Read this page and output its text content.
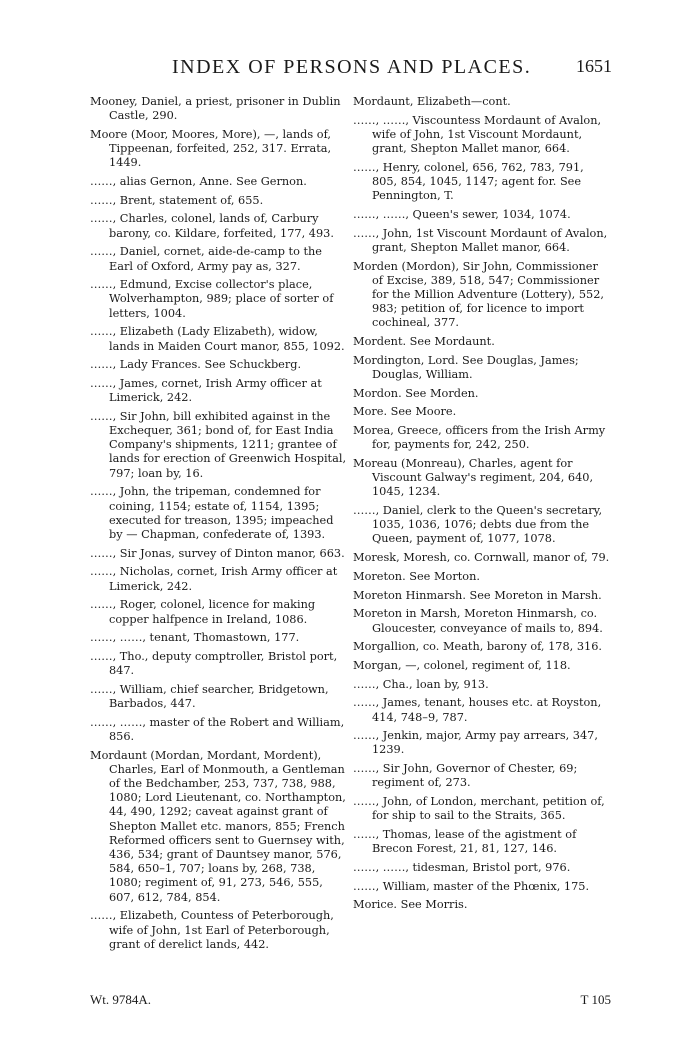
INDEX OF PERSONS AND PLACES. 1651

Mooney, Daniel, a priest, prisoner in Dublin Castle, 290.

Moore (Moor, Moores, More), —, lands of, Tippeenan, forfeited, 252, 317. Errata, 1449.

……, alias Gernon, Anne. See Gernon.

……, Brent, statement of, 655.

……, Charles, colonel, lands of, Carbury barony, co. Kildare, forfeited, 177, 493.

……, Daniel, cornet, aide-de-camp to the Earl of Oxford, Army pay as, 327.

……, Edmund, Excise collector's place, Wolverhampton, 989; place of sorter of letters, 1004.

……, Elizabeth (Lady Elizabeth), widow, lands in Maiden Court manor, 855, 1092.

……, Lady Frances. See Schuckberg.

……, James, cornet, Irish Army officer at Limerick, 242.

……, Sir John, bill exhibited against in the Exchequer, 361; bond of, for East India Company's shipments, 1211; grantee of lands for erection of Greenwich Hospital, 797; loan by, 16.

……, John, the tripeman, condemned for coining, 1154; estate of, 1154, 1395; executed for treason, 1395; impeached by — Chapman, confederate of, 1393.

……, Sir Jonas, survey of Dinton manor, 663.

……, Nicholas, cornet, Irish Army officer at Limerick, 242.

……, Roger, colonel, licence for making copper halfpence in Ireland, 1086.

……, ……, tenant, Thomastown, 177.

……, Tho., deputy comptroller, Bristol port, 847.

……, William, chief searcher, Bridgetown, Barbados, 447.

……, ……, master of the Robert and William, 856.

Mordaunt (Mordan, Mordant, Mordent), Charles, Earl of Monmouth, a Gentleman of the Bedchamber, 253, 737, 738, 988, 1080; Lord Lieutenant, co. Northampton, 44, 490, 1292; caveat against grant of Shepton Mallet etc. manors, 855; French Reformed officers sent to Guernsey with, 436, 534; grant of Dauntsey manor, 576, 584, 650–1, 707; loans by, 268, 738, 1080; regiment of, 91, 273, 546, 555, 607, 612, 784, 854.

……, Elizabeth, Countess of Peterborough, wife of John, 1st Earl of Peterborough, grant of derelict lands, 442.

Mordaunt, Elizabeth—cont.

……, ……, Viscountess Mordaunt of Avalon, wife of John, 1st Viscount Mordaunt, grant, Shepton Mallet manor, 664.

……, Henry, colonel, 656, 762, 783, 791, 805, 854, 1045, 1147; agent for. See Pennington, T.

……, ……, Queen's sewer, 1034, 1074.

……, John, 1st Viscount Mordaunt of Avalon, grant, Shepton Mallet manor, 664.

Morden (Mordon), Sir John, Commissioner of Excise, 389, 518, 547; Commissioner for the Million Adventure (Lottery), 552, 983; petition of, for licence to import cochineal, 377.

Mordent. See Mordaunt.

Mordington, Lord. See Douglas, James; Douglas, William.

Mordon. See Morden.

More. See Moore.

Morea, Greece, officers from the Irish Army for, payments for, 242, 250.

Moreau (Monreau), Charles, agent for Viscount Galway's regiment, 204, 640, 1045, 1234.

……, Daniel, clerk to the Queen's secretary, 1035, 1036, 1076; debts due from the Queen, payment of, 1077, 1078.

Moresk, Moresh, co. Cornwall, manor of, 79.

Moreton. See Morton.

Moreton Hinmarsh. See Moreton in Marsh.

Moreton in Marsh, Moreton Hinmarsh, co. Gloucester, conveyance of mails to, 894.

Morgallion, co. Meath, barony of, 178, 316.

Morgan, —, colonel, regiment of, 118.

……, Cha., loan by, 913.

……, James, tenant, houses etc. at Royston, 414, 748–9, 787.

……, Jenkin, major, Army pay arrears, 347, 1239.

……, Sir John, Governor of Chester, 69; regiment of, 273.

……, John, of London, merchant, petition of, for ship to sail to the Straits, 365.

……, Thomas, lease of the agistment of Brecon Forest, 21, 81, 127, 146.

……, ……, tidesman, Bristol port, 976.

……, William, master of the Phœnix, 175.

Morice. See Morris.

Wt. 9784A.	T 105
